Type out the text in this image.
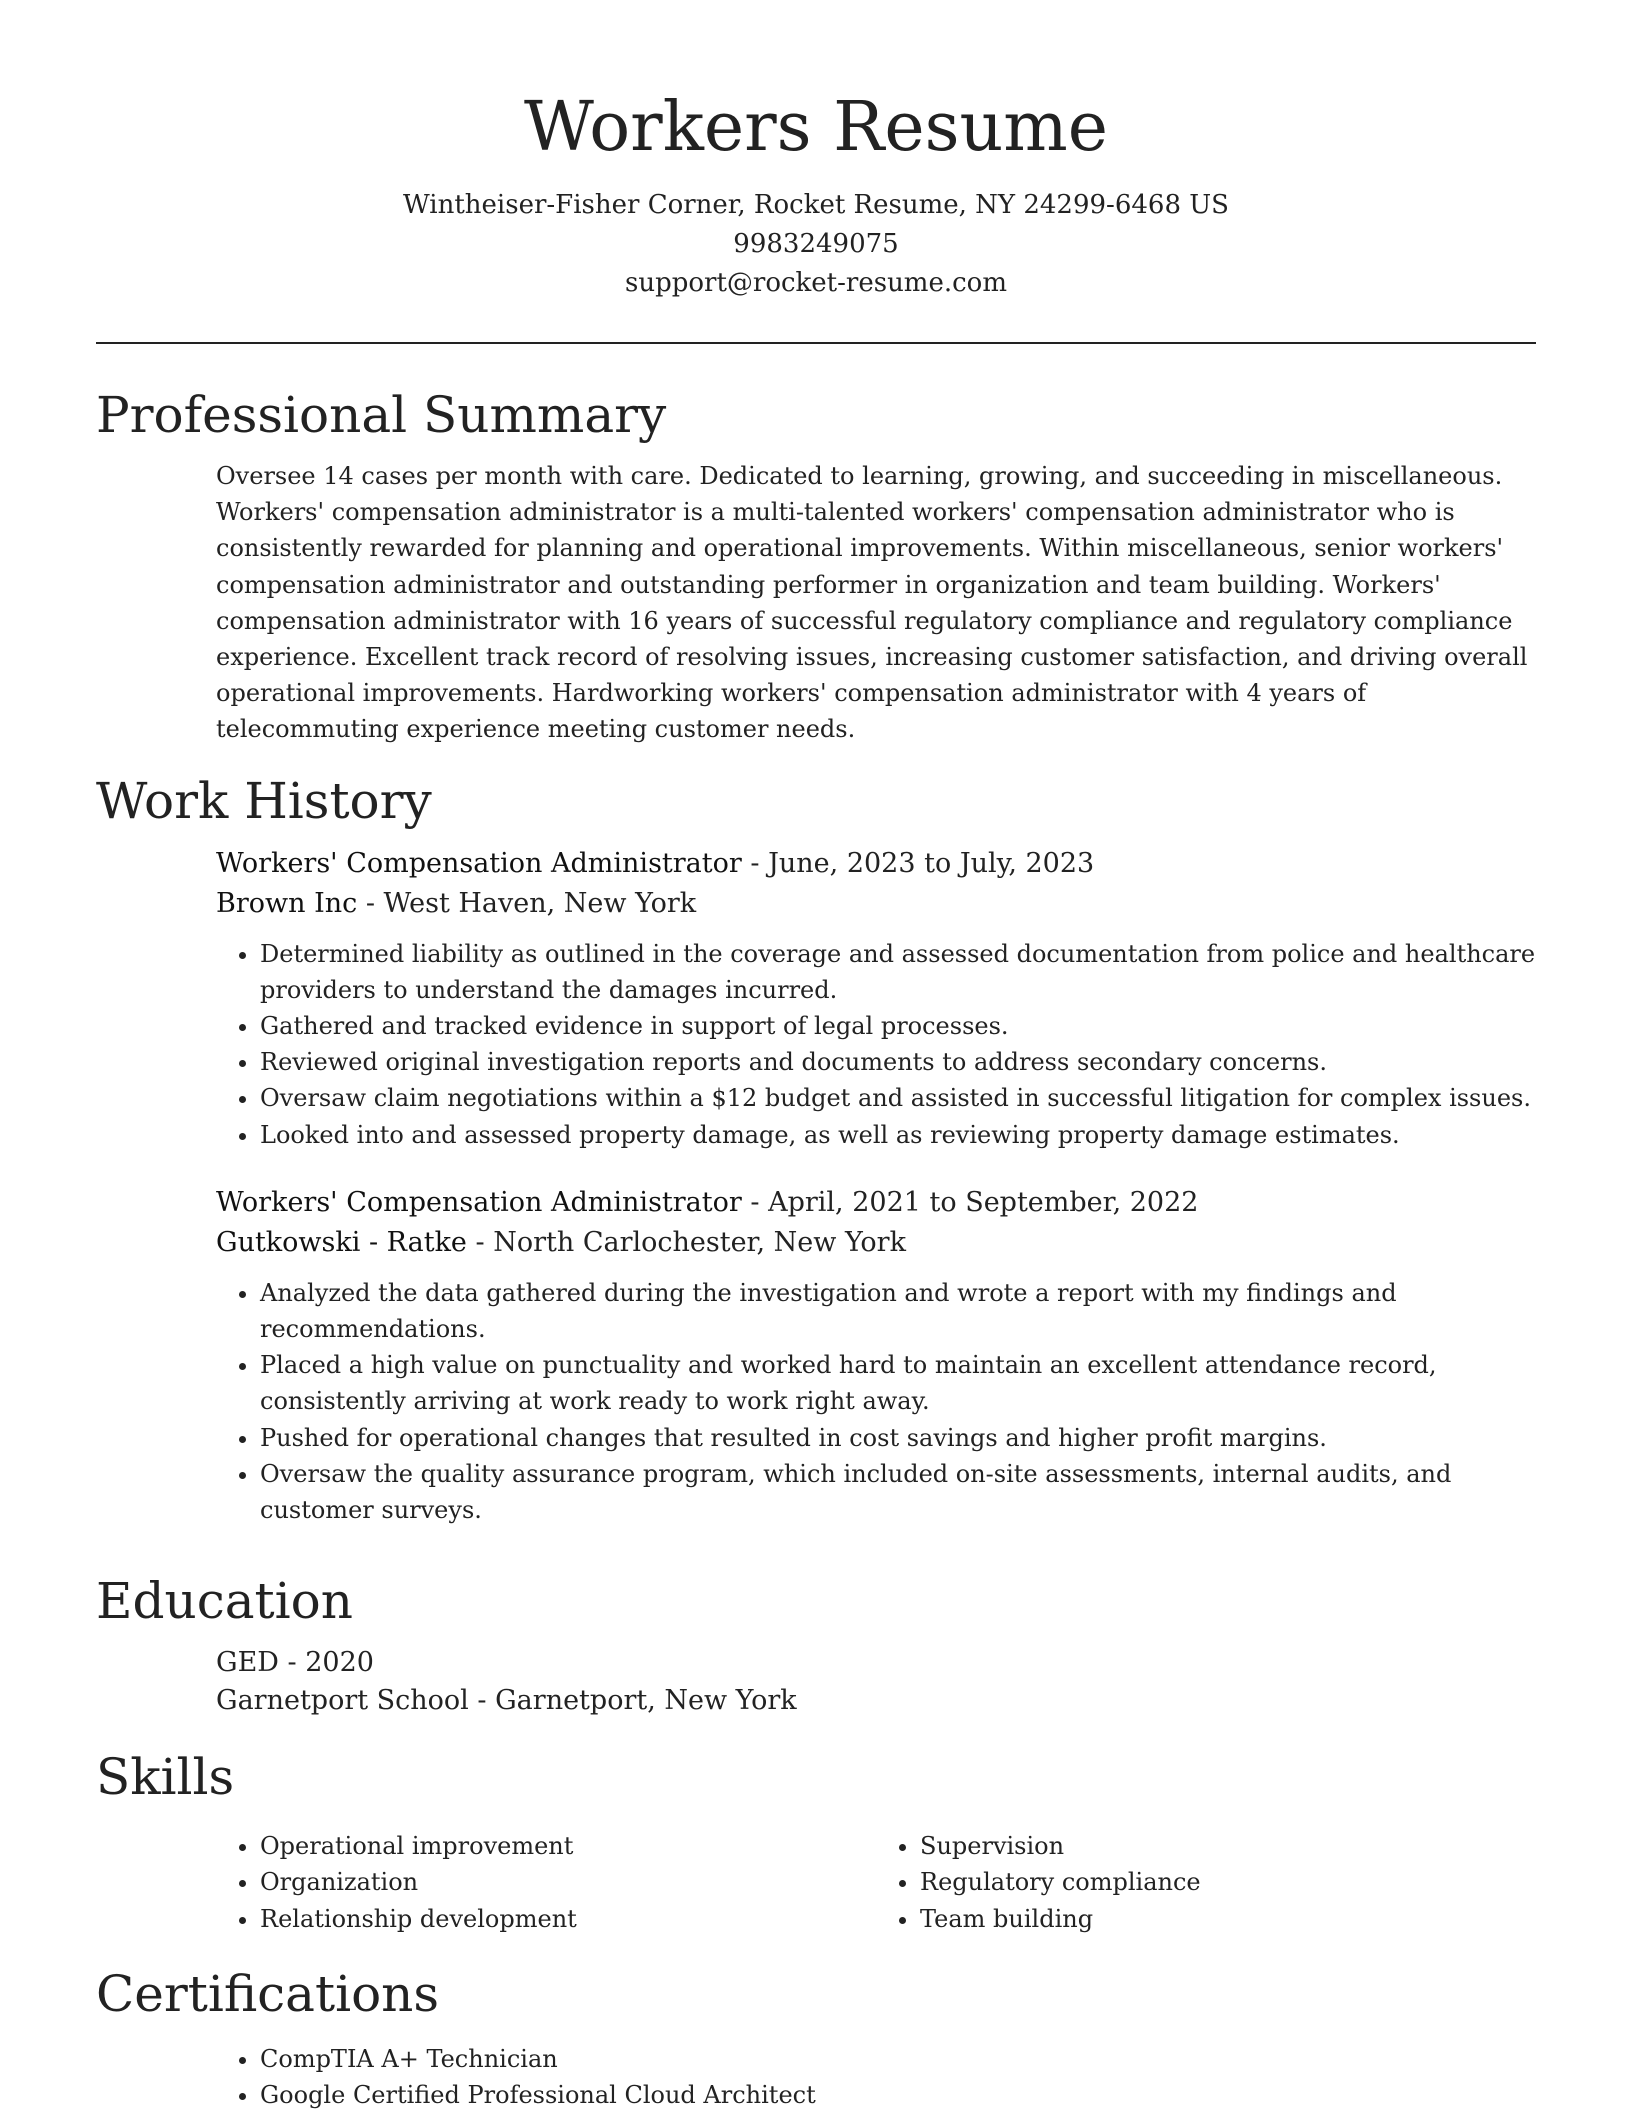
Workers Resume
Wintheiser-Fisher Corner, Rocket Resume, NY 24299-6468 US
9983249075
support@rocket-resume.com
Professional Summary

Oversee 14 cases per month with care. Dedicated to learning, growing, and succeeding in miscellaneous. Workers' compensation administrator is a multi-talented workers' compensation administrator who is consistently rewarded for planning and operational improvements. Within miscellaneous, senior workers' compensation administrator and outstanding performer in organization and team building. Workers' compensation administrator with 16 years of successful regulatory compliance and regulatory compliance experience. Excellent track record of resolving issues, increasing customer satisfaction, and driving overall operational improvements. Hardworking workers' compensation administrator with 4 years of telecommuting experience meeting customer needs.

Work History
Workers' Compensation Administrator - June, 2023 to July, 2023
Brown Inc - West Haven, New York
• Determined liability as outlined in the coverage and assessed documentation from police and healthcare providers to understand the damages incurred.
• Gathered and tracked evidence in support of legal processes.
• Reviewed original investigation reports and documents to address secondary concerns.
• Oversaw claim negotiations within a $12 budget and assisted in successful litigation for complex issues.
• Looked into and assessed property damage, as well as reviewing property damage estimates.
Workers' Compensation Administrator - April, 2021 to September, 2022
Gutkowski - Ratke - North Carlochester, New York
• Analyzed the data gathered during the investigation and wrote a report with my findings and recommendations.
• Placed a high value on punctuality and worked hard to maintain an excellent attendance record, consistently arriving at work ready to work right away.
• Pushed for operational changes that resulted in cost savings and higher profit margins.
• Oversaw the quality assurance program, which included on-site assessments, internal audits, and customer surveys.
Education
GED - 2020
Garnetport School - Garnetport, New York
Skills
• Operational improvement
• Organization
• Relationship development
• Supervision
• Regulatory compliance
• Team building
Certifications
• CompTIA A+ Technician
• Google Certified Professional Cloud Architect
